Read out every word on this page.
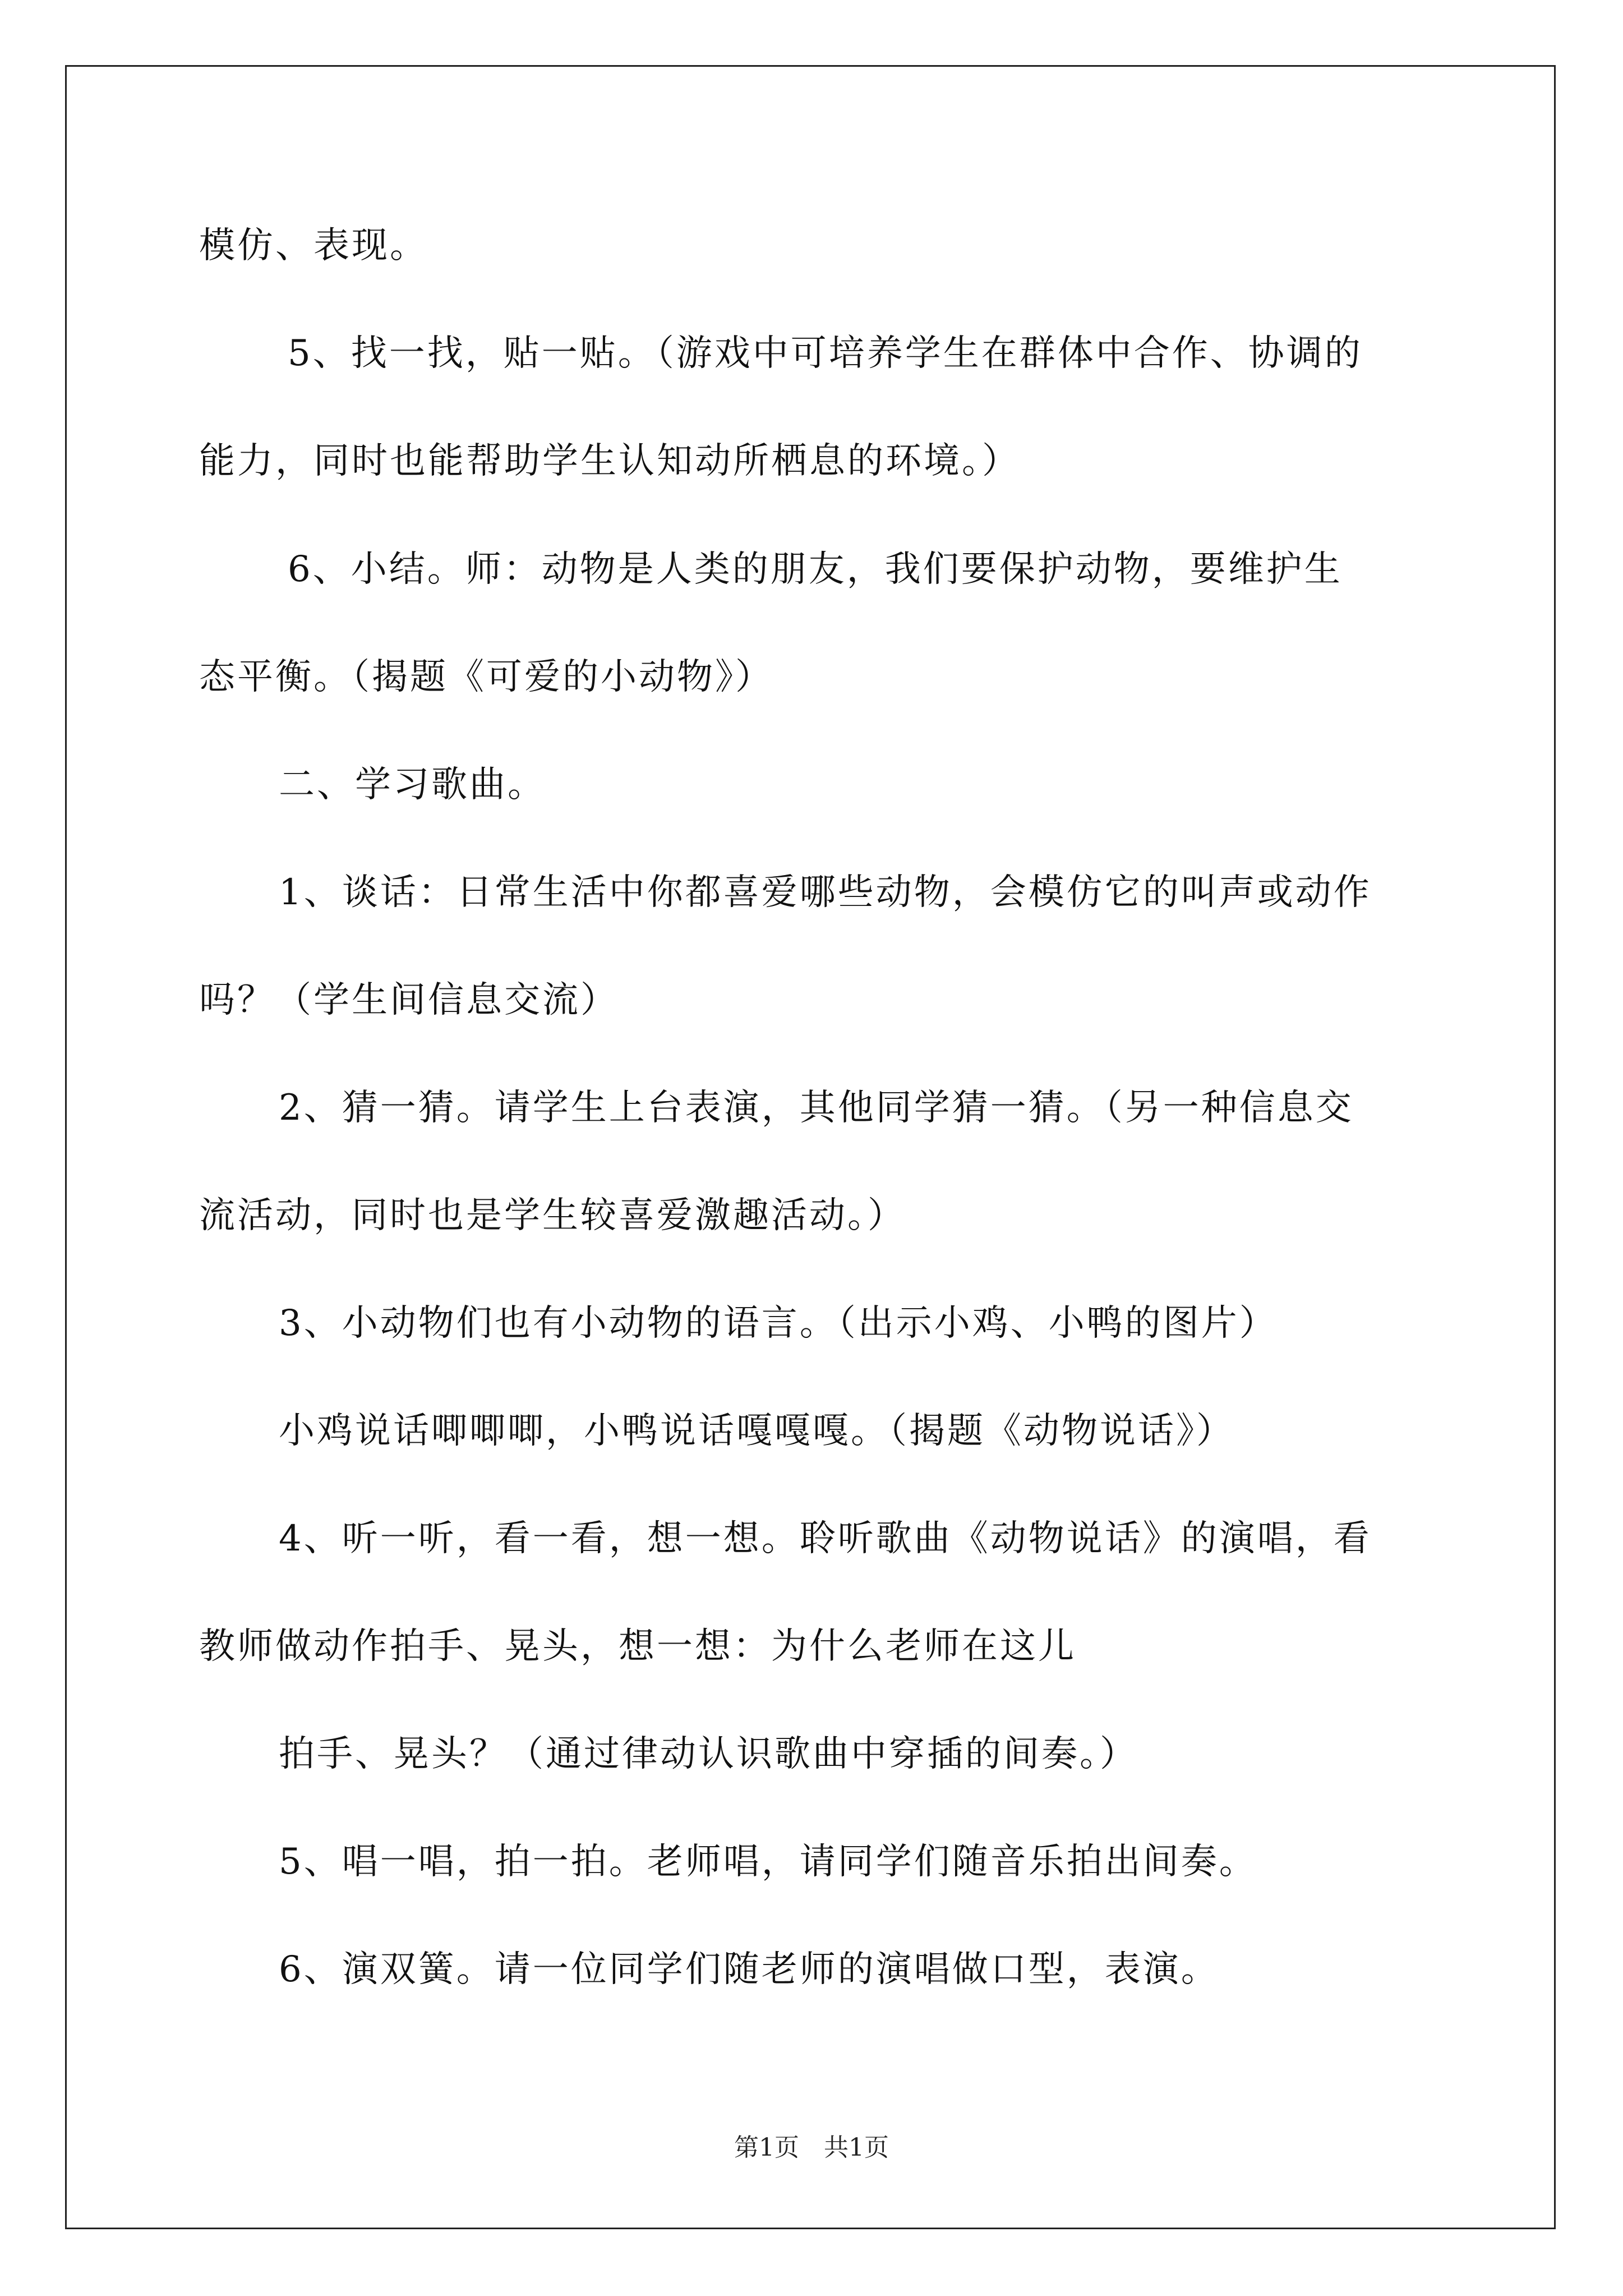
模仿、表现。
5、找一找，贴一贴。（游戏中可培养学生在群体中合作、协调的
能力，同时也能帮助学生认知动所栖息的环境。）
6、小结。师：动物是人类的朋友，我们要保护动物，要维护生
态平衡。（揭题《可爱的小动物》）
二、学习歌曲。
1、谈话：日常生活中你都喜爱哪些动物，会模仿它的叫声或动作
吗？（学生间信息交流）
2、猜一猜。请学生上台表演，其他同学猜一猜。（另一种信息交
流活动，同时也是学生较喜爱激趣活动。）
3、小动物们也有小动物的语言。（出示小鸡、小鸭的图片）
小鸡说话唧唧唧，小鸭说话嘎嘎嘎。（揭题《动物说话》）
4、听一听，看一看，想一想。聆听歌曲《动物说话》的演唱，看
教师做动作拍手、晃头，想一想：为什么老师在这儿
拍手、晃头？（通过律动认识歌曲中穿插的间奏。）
5、唱一唱，拍一拍。老师唱，请同学们随音乐拍出间奏。
6、演双簧。请一位同学们随老师的演唱做口型，表演。
第1页　共1页
